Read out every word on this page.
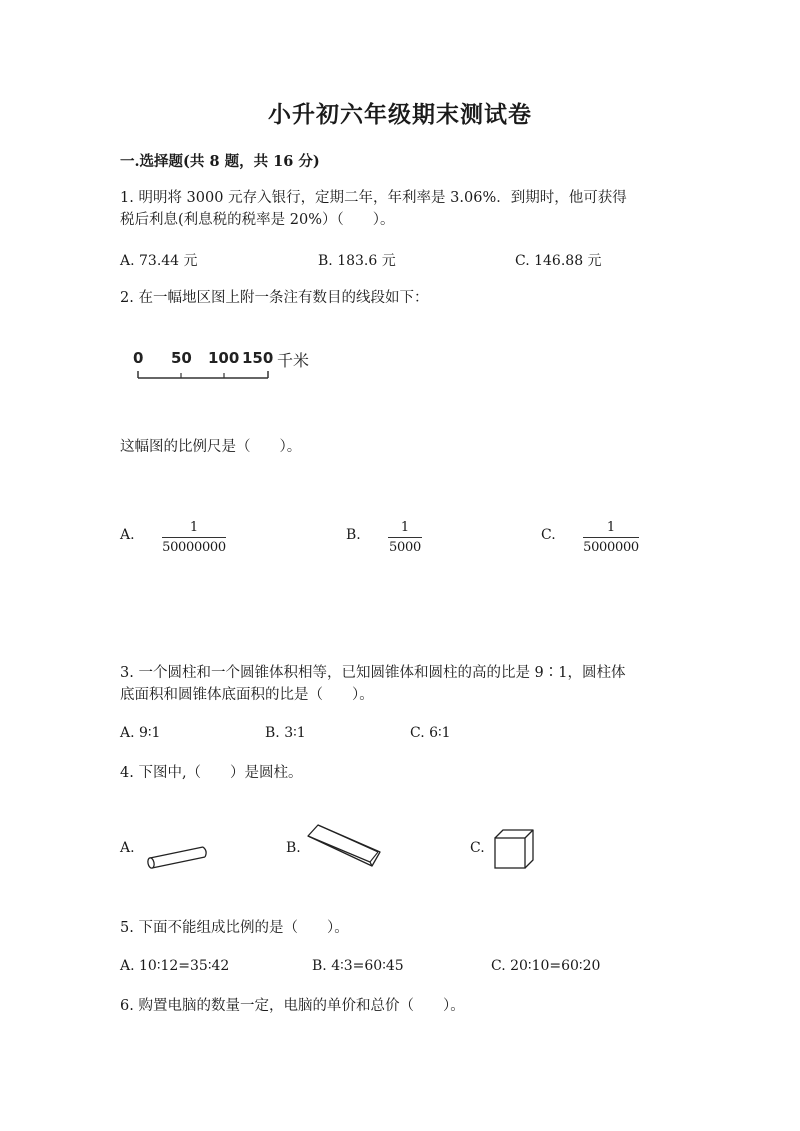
小升初六年级期末测试卷
一.选择题(共 8 题，共 16 分)
1. 明明将 3000 元存入银行，定期二年，年利率是 3.06%．到期时，他可获得
税后利息(利息税的税率是 20%）（　　）。
A. 73.44 元	B. 183.6 元	C. 146.88 元
2. 在一幅地区图上附一条注有数目的线段如下：
0 50 100 150 千米
这幅图的比例尺是（　　）。
A.	1
50000000
B.	1
5000
C.	1
5000000
3. 一个圆柱和一个圆锥体积相等，已知圆锥体和圆柱的高的比是 9∶1，圆柱体
底面积和圆锥体底面积的比是（　　）。
A. 9∶1	B. 3∶1	C. 6∶1
4. 下图中,（　　）是圆柱。
A.	B.	C.
5. 下面不能组成比例的是（　　）。
A. 10∶12=35∶42	B. 4∶3=60∶45	C. 20∶10=60∶20
6. 购置电脑的数量一定，电脑的单价和总价（　　）。
